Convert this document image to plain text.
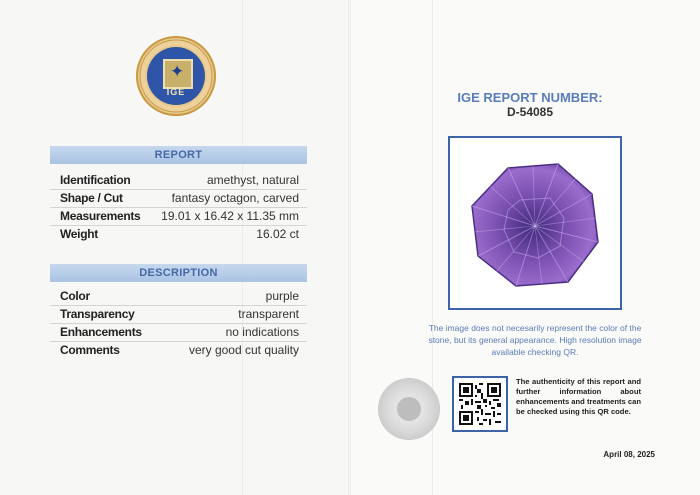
✦
IGE
REPORT
Identification	amethyst, natural
Shape / Cut	fantasy octagon, carved
Measurements 19.01 x 16.42 x 11.35 mm
Weight	16.02 ct
DESCRIPTION
Color	purple
Transparency	transparent
Enhancements	no indications
Comments	very good cut quality
IGE REPORT NUMBER:
D-54085
The image does not necesarily represent the color of the stone, but its general appearance. High resolution image available checking QR.
The authenticity of this report and further information about enhancements and treatments can be checked using this QR code.
April 08, 2025
